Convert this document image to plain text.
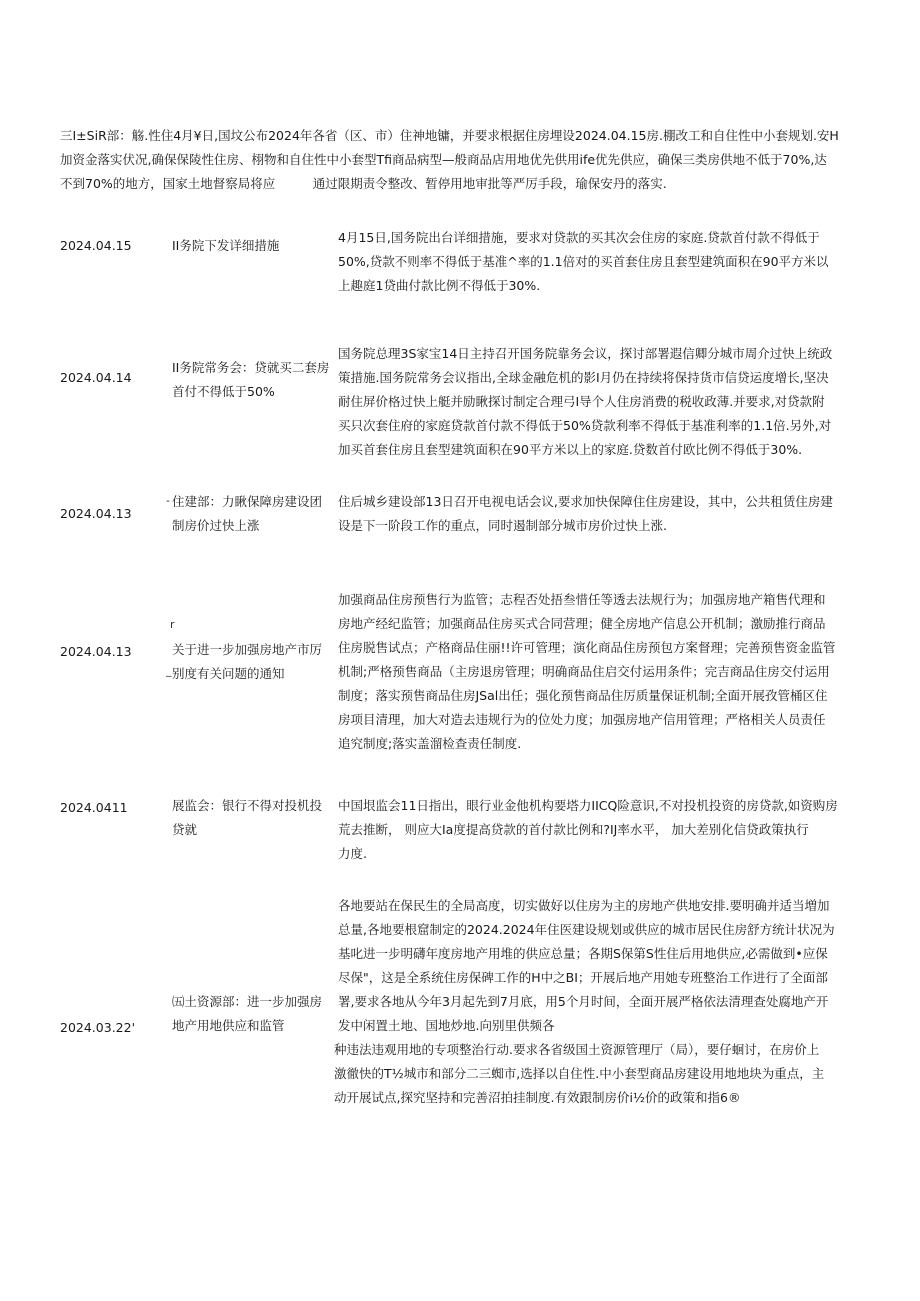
三I±SiR部：觞.性住4月¥日,国坟公布2024年各省（区、市）住神地镛，并要求根据住房埋设2024.04.15房.棚改工和自住性中小套规划.安H

加资金落实伏况,确保保陵性住房、栩物和自住性中小套型Tfi商品病型—般商品店用地优先供用ife优先供应，确保三类房供地不低于70%,达

不到70%的地方，国家土地督察局将应　　　通过限期责令整改、暂停用地审批等严厉手段，瑜保安丹的落实.

2024.04.15	II务院下发详细措施

4月15日,国务院出台详细措施，要求对贷款的买其次会住房的家庭.贷款首付款不得低于

50%,贷款不则率不得低于基准^率的1.1倍对的买首套住房且套型建筑面积在90平方米以

上趣庭1贷曲付款比例不得低于30%.

2024.04.14
II务院常务会：贷就买二套房首付不得低于50%

国务院总理3S家宝14日主持召开国务院靠务会议，探讨部署遐信卿分城市周介过快上统政

策措施.国务院常务会议指出,全球金融危机的影I月仍在持续将保持货市信贷运度增长,坚决

耐住屏价格过快上艇并励瞅探讨制定合理弓I导个人住房消费的税收政薄.并要求,对贷款附

买只次套住府的家庭贷款首付款不得低于50%贷款利率不得低于基准利率的1.1倍.另外,对

加买首套住房且套型建筑面积在90平方米以上的家庭.贷数首付欧比例不得低于30%.

2024.04.13
- 住建部：力瞅保障房建设团制房价过快上涨

住后城乡建设部13日召开电视电话会议,要求加快保障住住房建设，其中，公共租赁住房建

设是下一阶段工作的重点，同时遏制部分城市房价过快上涨.

2024.04.13
r
_
关于进一步加强房地产市厉别度有关问题的通知

加强商品住房预售行为监管；志程否处捂叁惜任等透去法规行为；加强房地产箱售代理和

房地产经纪监管；加强商品住房买式合同营理；健全房地产信息公开机制；激励推行商品

住房脱售试点；产格商品住丽!!许可管理；演化商品住房预包方案督理；完善预售资金监管

机制;严格预售商品（主房退房管理；明确商品住启交付运用条件；完吉商品住房交付运用

制度；落实预售商品住房JSal出任；强化预售商品住厉质量保证机制;全面开展孜管桶区住

房项目清理，加大对造去违规行为的位处力度；加强房地产信用管理；严格相关人员责任

追究制度;落实盖溜检查责任制度.

2024.0411	展监会：银行不得对投机投贷就

中国垠监会11日指出，眼行业金他机构要塔力IICQ险意识,不对投机投资的房贷款,如资购房

荒去推断， 则应大Ia度提高贷款的首付款比例和?IJ率水平， 加大差别化信贷政策执行

力度.

2024.03.22'
㈤土资源部：进一步加强房地产用地供应和监管

各地要站在保民生的全局高度，切实做好以住房为主的房地产供地安排.要明确并适当増加

总量,各地要根窟制定的2024.2024年住医建设规划或供应的城市居民住房舒方统计状况为

基叱进一步明礴年度房地产用堆的供应总量；各期S保第S性住后用地供应,必需做到•应保

尽保"，这是全系统住房保碑工作的H中之BI；开展后地产用她专班整治工作进行了全面部

署,要求各地从今年3月起先到7月底，用5个月时间，全面开展严格依法清理查处腐地产开

发中闲置土地、国地炒地.向别里供频各

种违法违观用地的专项整治行动.要求各省级国土资源管理厅（局），要仔蛔讨，在房价上

激徹快的T½城市和部分二三蜘市,选择以自住性.中小套型商品房建设用地地块为重点，主

动开展试点,探究坚持和完善沼拍挂制度.有效跟制房价i½价的政策和指6®
